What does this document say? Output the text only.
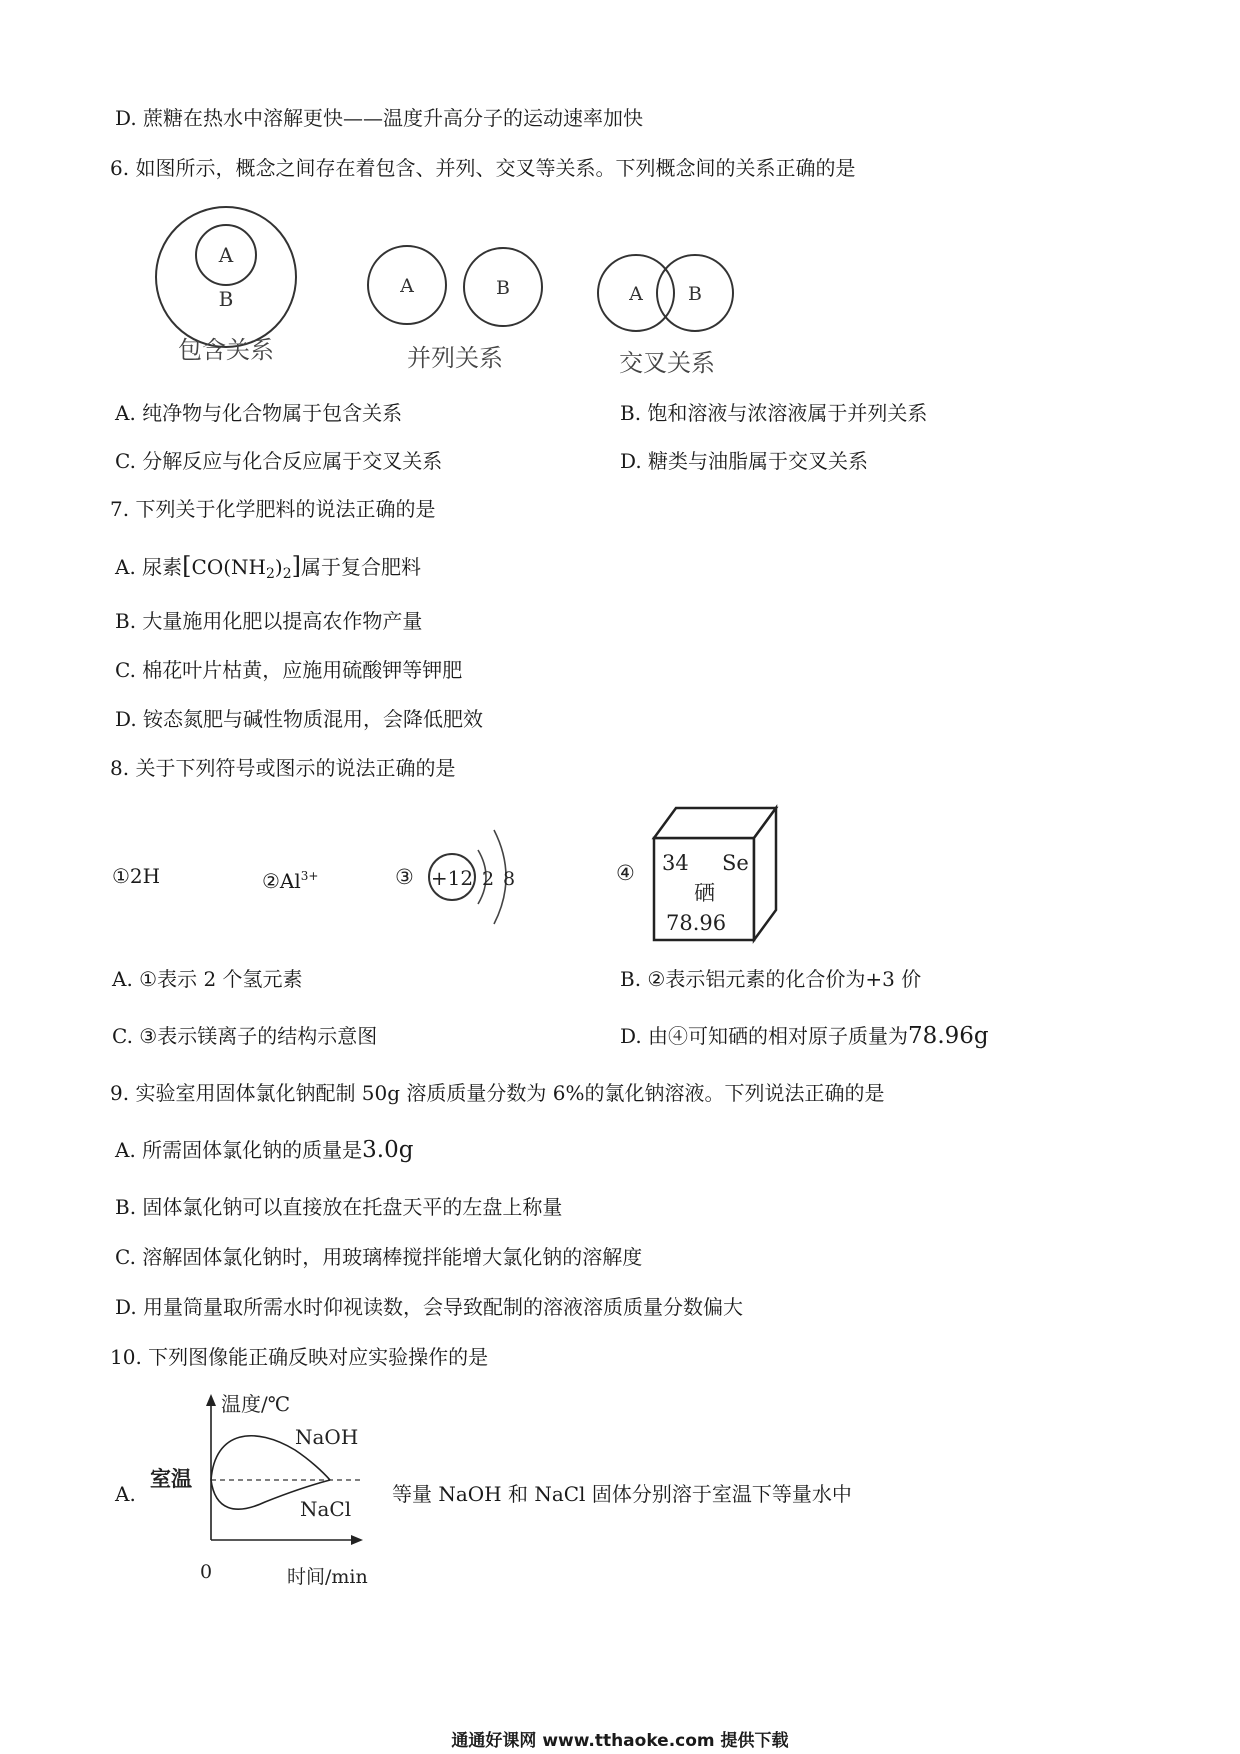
D. 蔗糖在热水中溶解更快——温度升高分子的运动速率加快
6. 如图所示，概念之间存在着包含、并列、交叉等关系。下列概念间的关系正确的是
A
B
包含关系
A	B
并列关系
A B
交叉关系
A. 纯净物与化合物属于包含关系	B. 饱和溶液与浓溶液属于并列关系
C. 分解反应与化合反应属于交叉关系	D. 糖类与油脂属于交叉关系
7. 下列关于化学肥料的说法正确的是
A. 尿素$[CO(NH_2)_2]$属于复合肥料
B. 大量施用化肥以提高农作物产量
C. 棉花叶片枯黄，应施用硫酸钾等钾肥
D. 铵态氮肥与碱性物质混用，会降低肥效
8. 关于下列符号或图示的说法正确的是
①2H	$②Al^{3+}$	③ +12 2 8	④ 34 Se
硒
78.96
A. ①表示 2 个氢元素	B. ②表示铝元素的化合价为+3 价
C. ③表示镁离子的结构示意图	D. 由④可知硒的相对原子质量为78.96g
9. 实验室用固体氯化钠配制 50g 溶质质量分数为 6%的氯化钠溶液。下列说法正确的是
A. 所需固体氯化钠的质量是3.0g
B. 固体氯化钠可以直接放在托盘天平的左盘上称量
C. 溶解固体氯化钠时，用玻璃棒搅拌能增大氯化钠的溶解度
D. 用量筒量取所需水时仰视读数，会导致配制的溶液溶质质量分数偏大
10. 下列图像能正确反映对应实验操作的是
A.
温度/℃
时间/min
0
室温
NaOH
NaCl
等量 NaOH 和 NaCl 固体分别溶于室温下等量水中
通通好课网 www.tthaoke.com 提供下载
